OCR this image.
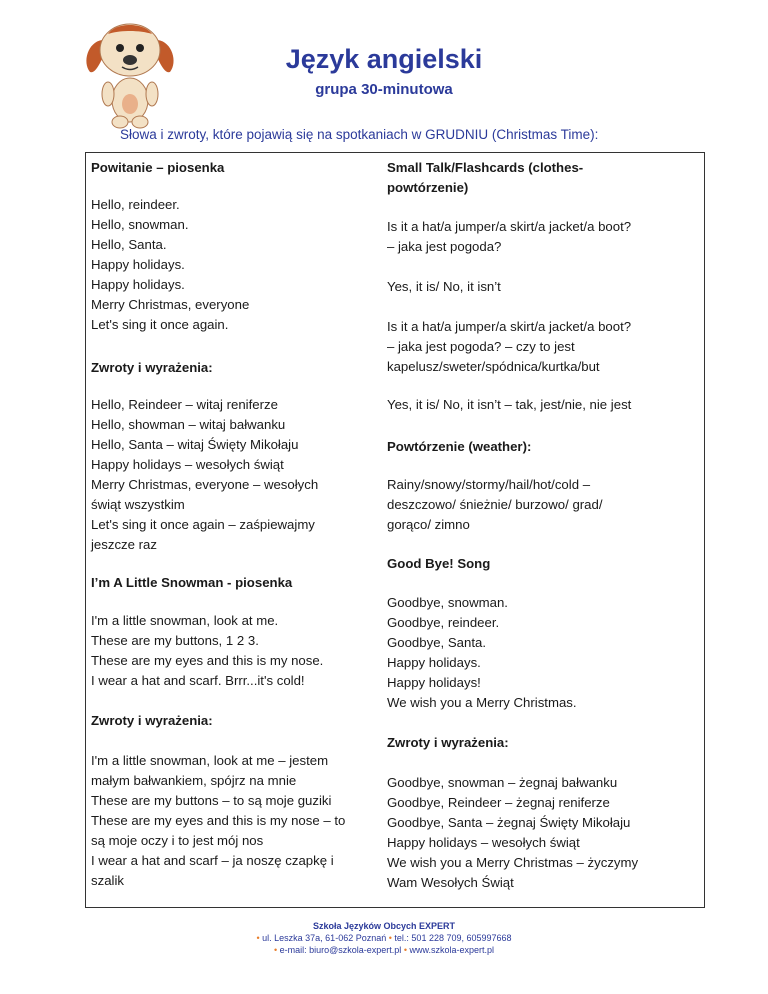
Język angielski
grupa 30-minutowa
Słowa i zwroty, które pojawią się na spotkaniach w GRUDNIU (Christmas Time):

Powitanie – piosenka

Hello, reindeer.

Hello, snowman.

Hello, Santa.

Happy holidays.

Happy holidays.

Merry Christmas, everyone

Let's sing it once again.

Zwroty i wyrażenia:

Hello, Reindeer – witaj reniferze

Hello, showman – witaj bałwanku

Hello, Santa – witaj Święty Mikołaju

Happy holidays – wesołych świąt

Merry Christmas, everyone – wesołych

świąt wszystkim

Let's sing it once again – zaśpiewajmy

jeszcze raz

I’m A Little Snowman - piosenka

I'm a little snowman, look at me.

These are my buttons, 1 2 3.

These are my eyes and this is my nose.

I wear a hat and scarf. Brrr...it's cold!

Zwroty i wyrażenia:

I'm a little snowman, look at me – jestem

małym bałwankiem, spójrz na mnie

These are my buttons – to są moje guziki

These are my eyes and this is my nose – to

są moje oczy i to jest mój nos

I wear a hat and scarf – ja noszę czapkę i

szalik

Small Talk/Flashcards (clothes-

powtórzenie)

Is it a hat/a jumper/a skirt/a jacket/a boot?

– jaka jest pogoda?

Yes, it is/ No, it isn’t

Is it a hat/a jumper/a skirt/a jacket/a boot?

– jaka jest pogoda? – czy to jest

kapelusz/sweter/spódnica/kurtka/but

Yes, it is/ No, it isn’t – tak, jest/nie, nie jest

Powtórzenie (weather):

Rainy/snowy/stormy/hail/hot/cold –

deszczowo/ śnieżnie/ burzowo/ grad/

gorąco/ zimno

Good Bye! Song

Goodbye, snowman.

Goodbye, reindeer.

Goodbye, Santa.

Happy holidays.

Happy holidays!

We wish you a Merry Christmas.

Zwroty i wyrażenia:

Goodbye, snowman – żegnaj bałwanku

Goodbye, Reindeer – żegnaj reniferze

Goodbye, Santa – żegnaj Święty Mikołaju

Happy holidays – wesołych świąt

We wish you a Merry Christmas – życzymy

Wam Wesołych Świąt

Szkoła Języków Obcych EXPERT
• ul. Leszka 37a, 61-062 Poznań • tel.: 501 228 709, 605997668
• e-mail: biuro@szkola-expert.pl • www.szkola-expert.pl
